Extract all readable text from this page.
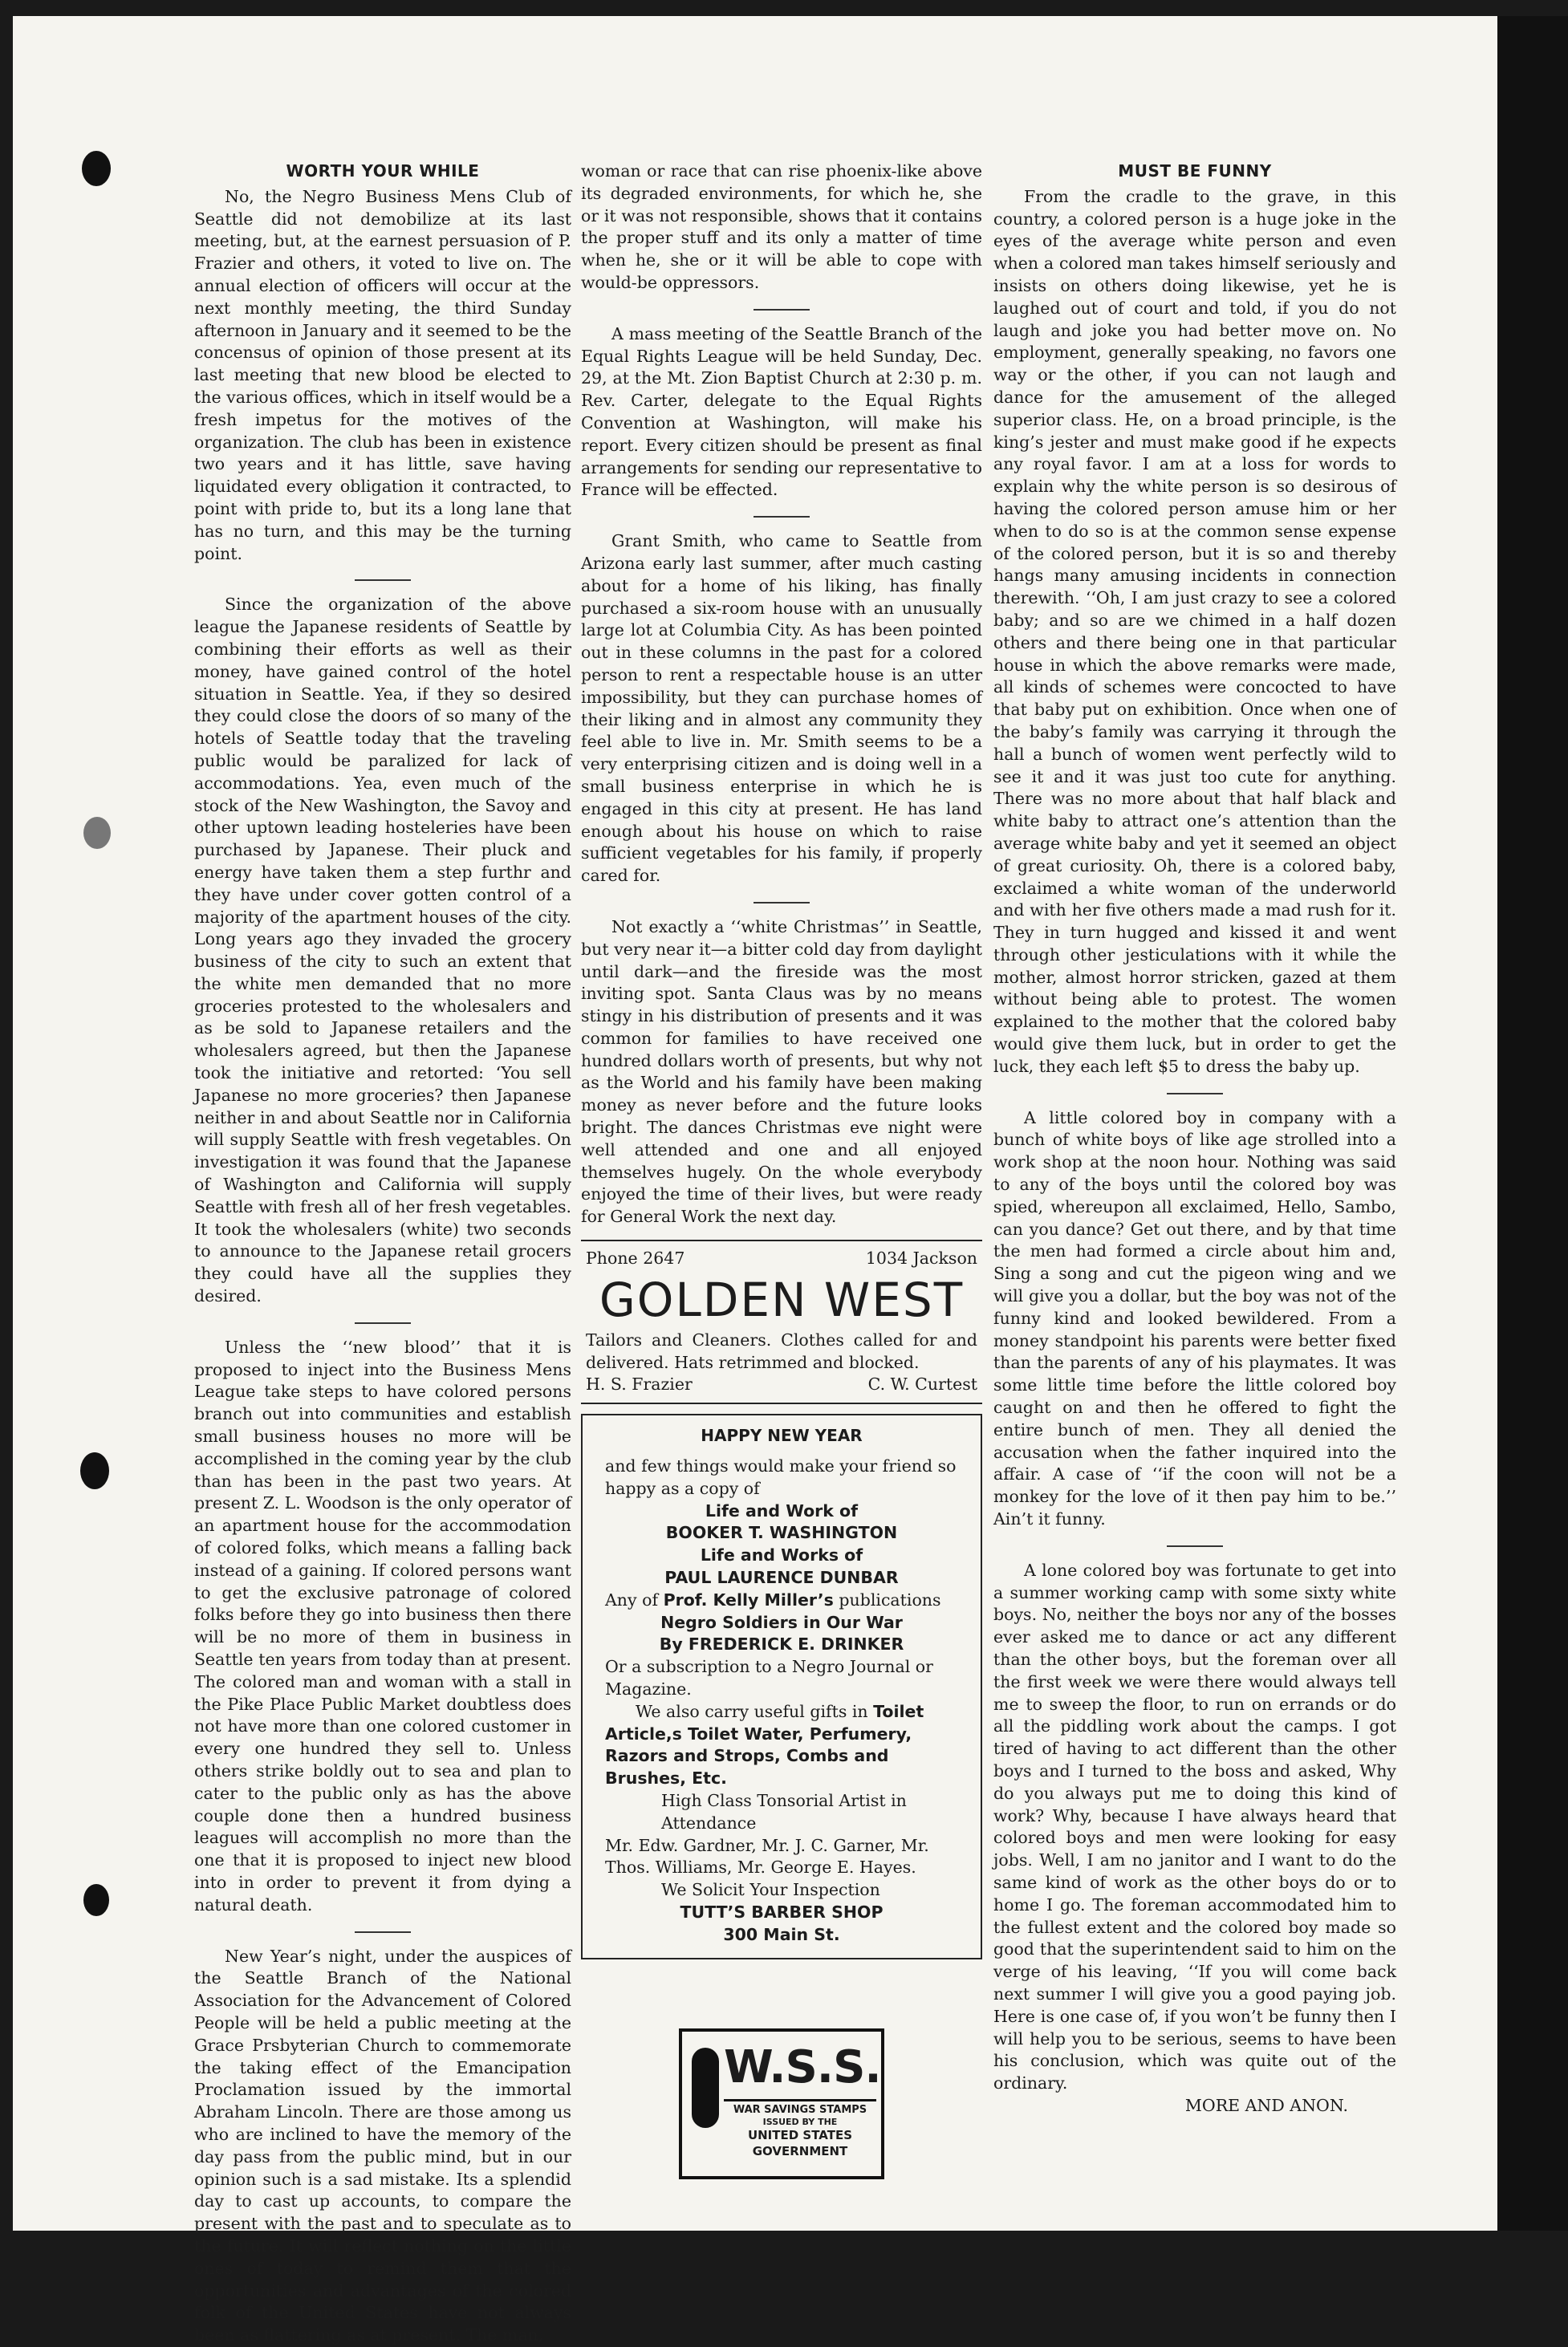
WORTH YOUR WHILE

No, the Negro Business Mens Club of Seattle did not demobilize at its last meeting, but, at the earnest persuasion of P. Frazier and others, it voted to live on. The annual election of officers will occur at the next monthly meeting, the third Sunday afternoon in January and it seemed to be the concensus of opinion of those present at its last meeting that new blood be elected to the various offices, which in itself would be a fresh impetus for the motives of the organization. The club has been in existence two years and it has little, save having liquidated every obligation it contracted, to point with pride to, but its a long lane that has no turn, and this may be the turning point.

Since the organization of the above league the Japanese residents of Seattle by combining their efforts as well as their money, have gained control of the hotel situation in Seattle. Yea, if they so desired they could close the doors of so many of the hotels of Seattle today that the traveling public would be paralized for lack of accommodations. Yea, even much of the stock of the New Washington, the Savoy and other uptown leading hosteleries have been purchased by Japanese. Their pluck and energy have taken them a step furthr and they have under cover gotten control of a majority of the apartment houses of the city. Long years ago they invaded the grocery business of the city to such an extent that the white men demanded that no more groceries protested to the wholesalers and as be sold to Japanese retailers and the wholesalers agreed, but then the Japanese took the initiative and retorted: ‘You sell Japanese no more groceries? then Japanese neither in and about Seattle nor in California will supply Seattle with fresh vegetables. On investigation it was found that the Japanese of Washington and California will supply Seattle with fresh all of her fresh vegetables. It took the wholesalers (white) two seconds to announce to the Japanese retail grocers they could have all the supplies they desired.

Unless the ‘‘new blood’’ that it is proposed to inject into the Business Mens League take steps to have colored persons branch out into communities and establish small business houses no more will be accomplished in the coming year by the club than has been in the past two years. At present Z. L. Woodson is the only operator of an apartment house for the accommodation of colored folks, which means a falling back instead of a gaining. If colored persons want to get the exclusive patronage of colored folks before they go into business then there will be no more of them in business in Seattle ten years from today than at present. The colored man and woman with a stall in the Pike Place Public Market doubtless does not have more than one colored customer in every one hundred they sell to. Unless others strike boldly out to sea and plan to cater to the public only as has the above couple done then a hundred business leagues will accomplish no more than the one that it is proposed to inject new blood into in order to prevent it from dying a natural death.

New Year’s night, under the auspices of the Seattle Branch of the National Association for the Advancement of Colored People will be held a public meeting at the Grace Prsbyterian Church to commemorate the taking effect of the Emancipation Proclamation issued by the immortal Abraham Lincoln. There are those among us who are inclined to have the memory of the day pass from the public mind, but in our opinion such is a sad mistake. Its a splendid day to cast up accounts, to compare the present with the past and to speculate as to the future. It will reflect nothing on the little ones of today to remind them that the opportunities and advantages of the colored folk of the United States have not always been as flattering as at present. The man,

woman or race that can rise phoenix-like above its degraded environments, for which he, she or it was not responsible, shows that it contains the proper stuff and its only a matter of time when he, she or it will be able to cope with would-be oppressors.

A mass meeting of the Seattle Branch of the Equal Rights League will be held Sunday, Dec. 29, at the Mt. Zion Baptist Church at 2:30 p. m. Rev. Carter, delegate to the Equal Rights Convention at Washington, will make his report. Every citizen should be present as final arrangements for sending our representative to France will be effected.

Grant Smith, who came to Seattle from Arizona early last summer, after much casting about for a home of his liking, has finally purchased a six-room house with an unusually large lot at Columbia City. As has been pointed out in these columns in the past for a colored person to rent a respectable house is an utter impossibility, but they can purchase homes of their liking and in almost any community they feel able to live in. Mr. Smith seems to be a very enterprising citizen and is doing well in a small business enterprise in which he is engaged in this city at present. He has land enough about his house on which to raise sufficient vegetables for his family, if properly cared for.

Not exactly a ‘‘white Christmas’’ in Seattle, but very near it—a bitter cold day from daylight until dark—and the fireside was the most inviting spot. Santa Claus was by no means stingy in his distribution of presents and it was common for families to have received one hundred dollars worth of presents, but why not as the World and his family have been making money as never before and the future looks bright. The dances Christmas eve night were well attended and one and all enjoyed themselves hugely. On the whole everybody enjoyed the time of their lives, but were ready for General Work the next day.

Phone 2647	1034 Jackson
GOLDEN WEST
Tailors and Cleaners. Clothes called for and delivered. Hats retrimmed and blocked.
H. S. Frazier	C. W. Curtest
HAPPY NEW YEAR
and few things would make your friend so happy as a copy of
Life and Work of
BOOKER T. WASHINGTON
Life and Works of
PAUL LAURENCE DUNBAR
Any of Prof. Kelly Miller’s publications
Negro Soldiers in Our War
By FREDERICK E. DRINKER
Or a subscription to a Negro Journal or Magazine.
We also carry useful gifts in Toilet Article,s Toilet Water, Perfumery, Razors and Strops, Combs and Brushes, Etc.
High Class Tonsorial Artist in Attendance
Mr. Edw. Gardner, Mr. J. C. Garner, Mr. Thos. Williams, Mr. George E. Hayes.
We Solicit Your Inspection
TUTT’S BARBER SHOP
300 Main St.
W.S.S.
WAR SAVINGS STAMPS
ISSUED BY THE
UNITED STATES
GOVERNMENT
MUST BE FUNNY

From the cradle to the grave, in this country, a colored person is a huge joke in the eyes of the average white person and even when a colored man takes himself seriously and insists on others doing likewise, yet he is laughed out of court and told, if you do not laugh and joke you had better move on. No employment, generally speaking, no favors one way or the other, if you can not laugh and dance for the amusement of the alleged superior class. He, on a broad principle, is the king’s jester and must make good if he expects any royal favor. I am at a loss for words to explain why the white person is so desirous of having the colored person amuse him or her when to do so is at the common sense expense of the colored person, but it is so and thereby hangs many amusing incidents in connection therewith. ‘‘Oh, I am just crazy to see a colored baby; and so are we chimed in a half dozen others and there being one in that particular house in which the above remarks were made, all kinds of schemes were concocted to have that baby put on exhibition. Once when one of the baby’s family was carrying it through the hall a bunch of women went perfectly wild to see it and it was just too cute for anything. There was no more about that half black and white baby to attract one’s attention than the average white baby and yet it seemed an object of great curiosity. Oh, there is a colored baby, exclaimed a white woman of the underworld and with her five others made a mad rush for it. They in turn hugged and kissed it and went through other jesticulations with it while the mother, almost horror stricken, gazed at them without being able to protest. The women explained to the mother that the colored baby would give them luck, but in order to get the luck, they each left $5 to dress the baby up.

A little colored boy in company with a bunch of white boys of like age strolled into a work shop at the noon hour. Nothing was said to any of the boys until the colored boy was spied, whereupon all exclaimed, Hello, Sambo, can you dance? Get out there, and by that time the men had formed a circle about him and, Sing a song and cut the pigeon wing and we will give you a dollar, but the boy was not of the funny kind and looked bewildered. From a money standpoint his parents were better fixed than the parents of any of his playmates. It was some little time before the little colored boy caught on and then he offered to fight the entire bunch of men. They all denied the accusation when the father inquired into the affair. A case of ‘‘if the coon will not be a monkey for the love of it then pay him to be.’’ Ain’t it funny.

A lone colored boy was fortunate to get into a summer working camp with some sixty white boys. No, neither the boys nor any of the bosses ever asked me to dance or act any different than the other boys, but the foreman over all the first week we were there would always tell me to sweep the floor, to run on errands or do all the piddling work about the camps. I got tired of having to act different than the other boys and I turned to the boss and asked, Why do you always put me to doing this kind of work? Why, because I have always heard that colored boys and men were looking for easy jobs. Well, I am no janitor and I want to do the same kind of work as the other boys do or to home I go. The foreman accommodated him to the fullest extent and the colored boy made so good that the superintendent said to him on the verge of his leaving, ‘‘If you will come back next summer I will give you a good paying job. Here is one case of, if you won’t be funny then I will help you to be serious, seems to have been his conclusion, which was quite out of the ordinary.

MORE AND ANON.
